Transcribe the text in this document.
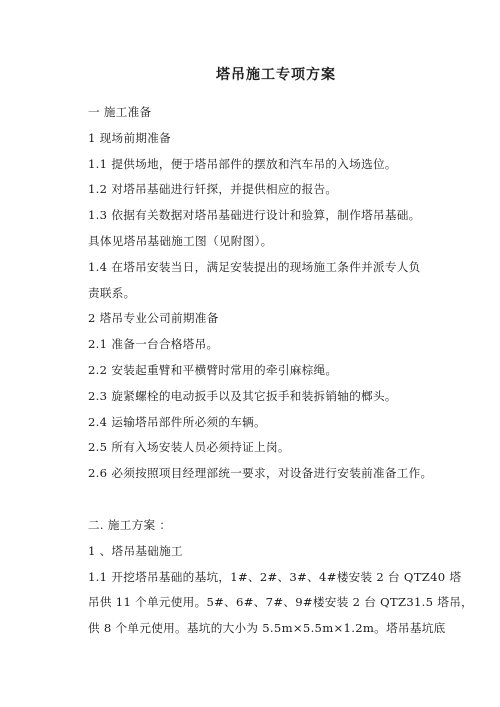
塔吊施工专项方案
一 施工准备
1 现场前期准备
1.1 提供场地，便于塔吊部件的摆放和汽车吊的入场选位。
1.2 对塔吊基础进行钎探，并提供相应的报告。
1.3 依据有关数据对塔吊基础进行设计和验算，制作塔吊基础。
具体见塔吊基础施工图（见附图）。
1.4 在塔吊安装当日，满足安装提出的现场施工条件并派专人负
责联系。
2 塔吊专业公司前期准备
2.1 准备一台合格塔吊。
2.2 安装起重臂和平横臂时常用的牵引麻棕绳。
2.3 旋紧螺栓的电动扳手以及其它扳手和装拆销轴的榔头。
2.4 运输塔吊部件所必须的车辆。
2.5 所有入场安装人员必须持证上岗。
2.6 必须按照项目经理部统一要求，对设备进行安装前准备工作。
二. 施工方案 ：
1 、塔吊基础施工
1.1 开挖塔吊基础的基坑，1#、2#、3#、4#楼安装 2 台 QTZ40 塔
吊供 11 个单元使用。5#、6#、7#、9#楼安装 2 台 QTZ31.5 塔吊，
供 8 个单元使用。基坑的大小为 5.5m×5.5m×1.2m。塔吊基坑底
